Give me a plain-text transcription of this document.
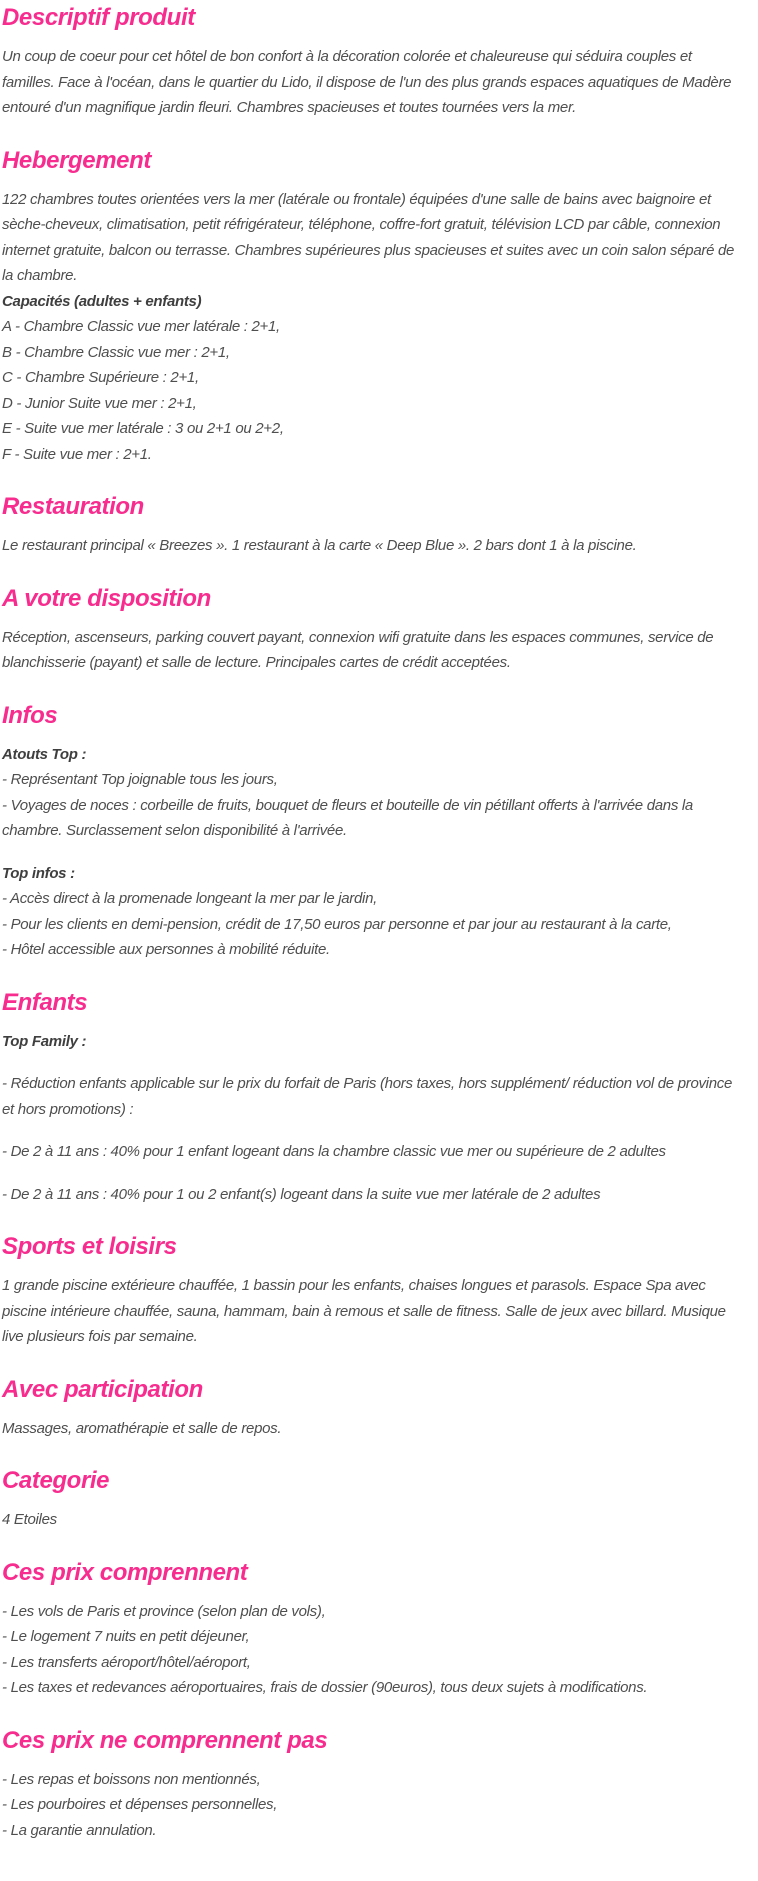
Descriptif produit

Un coup de coeur pour cet hôtel de bon confort à la décoration colorée et chaleureuse qui séduira couples et familles. Face à l'océan, dans le quartier du Lido, il dispose de l'un des plus grands espaces aquatiques de Madère entouré d'un magnifique jardin fleuri. Chambres spacieuses et toutes tournées vers la mer.

Hebergement

122 chambres toutes orientées vers la mer (latérale ou frontale) équipées d'une salle de bains avec baignoire et sèche-cheveux, climatisation, petit réfrigérateur, téléphone, coffre-fort gratuit, télévision LCD par câble, connexion internet gratuite, balcon ou terrasse. Chambres supérieures plus spacieuses et suites avec un coin salon séparé de la chambre.
Capacités (adultes + enfants)
A - Chambre Classic vue mer latérale : 2+1,
B - Chambre Classic vue mer : 2+1,
C - Chambre Supérieure : 2+1,
D - Junior Suite vue mer : 2+1,
E - Suite vue mer latérale : 3 ou 2+1 ou 2+2,
F - Suite vue mer : 2+1.

Restauration

Le restaurant principal « Breezes ». 1 restaurant à la carte « Deep Blue ». 2 bars dont 1 à la piscine.

A votre disposition

Réception, ascenseurs, parking couvert payant, connexion wifi gratuite dans les espaces communes, service de blanchisserie (payant) et salle de lecture. Principales cartes de crédit acceptées.

Infos

Atouts Top :
- Représentant Top joignable tous les jours,
- Voyages de noces : corbeille de fruits, bouquet de fleurs et bouteille de vin pétillant offerts à l'arrivée dans la chambre. Surclassement selon disponibilité à l'arrivée.

Top infos :
- Accès direct à la promenade longeant la mer par le jardin,
- Pour les clients en demi-pension, crédit de 17,50 euros par personne et par jour au restaurant à la carte,
- Hôtel accessible aux personnes à mobilité réduite.

Enfants

Top Family :

- Réduction enfants applicable sur le prix du forfait de Paris (hors taxes, hors supplément/ réduction vol de province et hors promotions) :

- De 2 à 11 ans : 40% pour 1 enfant logeant dans la chambre classic vue mer ou supérieure de 2 adultes

- De 2 à 11 ans : 40% pour 1 ou 2 enfant(s) logeant dans la suite vue mer latérale de 2 adultes

Sports et loisirs

1 grande piscine extérieure chauffée, 1 bassin pour les enfants, chaises longues et parasols. Espace Spa avec piscine intérieure chauffée, sauna, hammam, bain à remous et salle de fitness. Salle de jeux avec billard. Musique live plusieurs fois par semaine.

Avec participation

Massages, aromathérapie et salle de repos.

Categorie

4 Etoiles

Ces prix comprennent

- Les vols de Paris et province (selon plan de vols),
- Le logement 7 nuits en petit déjeuner,
- Les transferts aéroport/hôtel/aéroport,
- Les taxes et redevances aéroportuaires, frais de dossier (90euros), tous deux sujets à modifications.

Ces prix ne comprennent pas

- Les repas et boissons non mentionnés,
- Les pourboires et dépenses personnelles,
- La garantie annulation.
